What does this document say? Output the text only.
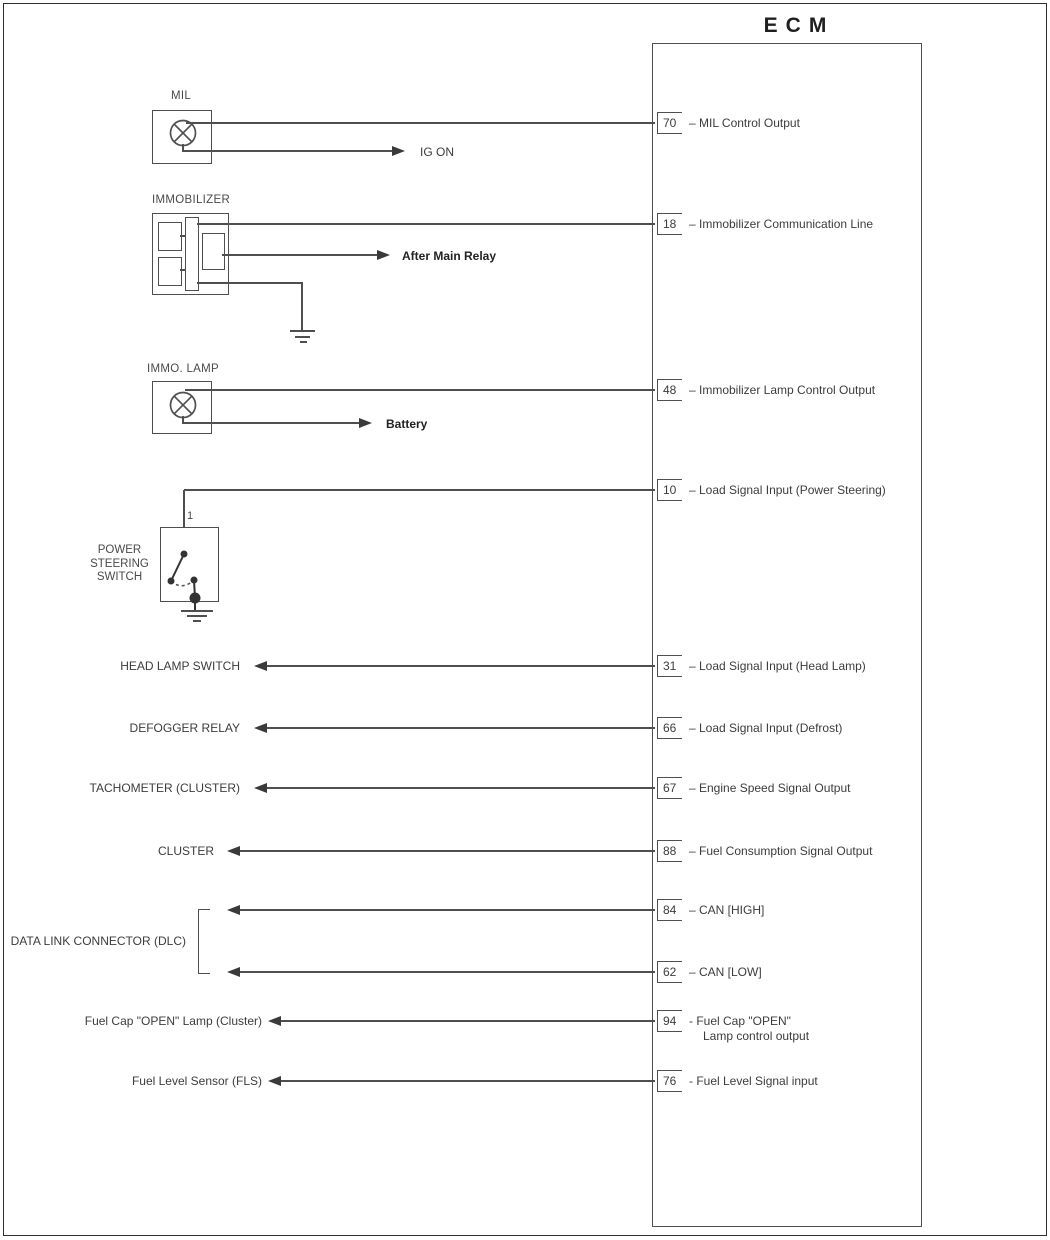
ECM
MIL
IG ON
IMMOBILIZER
After Main Relay
IMMO. LAMP
Battery
1
POWER
STEERING
SWITCH
HEAD LAMP SWITCH
DEFOGGER RELAY
TACHOMETER (CLUSTER)
CLUSTER
DATA LINK CONNECTOR (DLC)
Fuel Cap "OPEN" Lamp (Cluster)
Fuel Level Sensor (FLS)
70	– MIL Control Output
18	– Immobilizer Communication Line
48	– Immobilizer Lamp Control Output
10	– Load Signal Input (Power Steering)
31	– Load Signal Input (Head Lamp)
66	– Load Signal Input (Defrost)
67	– Engine Speed Signal Output
88	– Fuel Consumption Signal Output
84	– CAN [HIGH]
62	– CAN [LOW]
94	- Fuel Cap "OPEN"
Lamp control output
76	- Fuel Level Signal input
